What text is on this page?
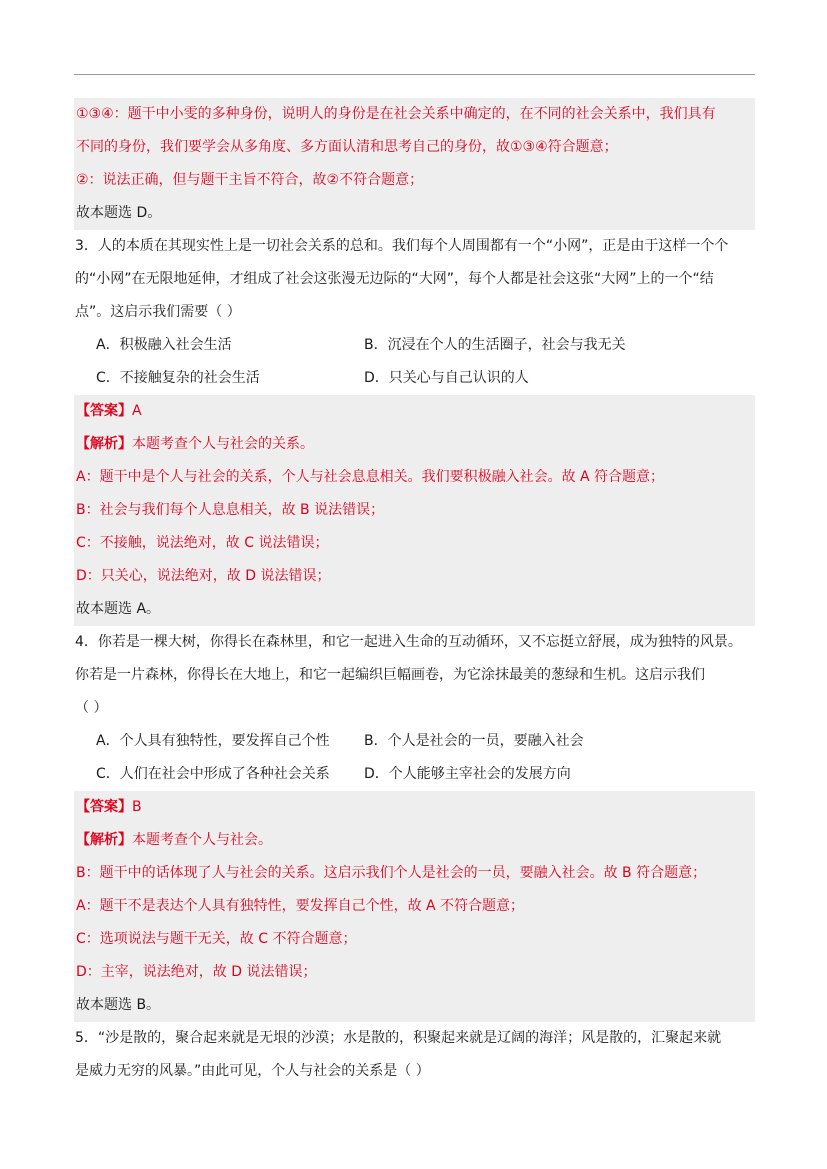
①③④：题干中小雯的多种身份，说明人的身份是在社会关系中确定的，在不同的社会关系中，我们具有
不同的身份，我们要学会从多角度、多方面认清和思考自己的身份，故①③④符合题意；
②：说法正确，但与题干主旨不符合，故②不符合题意；
故本题选 D。
3．人的本质在其现实性上是一切社会关系的总和。我们每个人周围都有一个“小网”，正是由于这样一个个
的“小网”在无限地延伸，才组成了社会这张漫无边际的“大网”，每个人都是社会这张“大网”上的一个“结
点”。这启示我们需要（ ）
A．积极融入社会生活	B．沉浸在个人的生活圈子，社会与我无关
C．不接触复杂的社会生活	D．只关心与自己认识的人
【答案】A
【解析】本题考查个人与社会的关系。
A：题干中是个人与社会的关系，个人与社会息息相关。我们要积极融入社会。故 A 符合题意；
B：社会与我们每个人息息相关，故 B 说法错误；
C：不接触，说法绝对，故 C 说法错误；
D：只关心，说法绝对，故 D 说法错误；
故本题选 A。
4．你若是一棵大树，你得长在森林里，和它一起进入生命的互动循环，又不忘挺立舒展，成为独特的风景。
你若是一片森林，你得长在大地上，和它一起编织巨幅画卷，为它涂抹最美的葱绿和生机。这启示我们
（ ）
A．个人具有独特性，要发挥自己个性 B．个人是社会的一员，要融入社会
C．人们在社会中形成了各种社会关系 D．个人能够主宰社会的发展方向
【答案】B
【解析】本题考查个人与社会。
B：题干中的话体现了人与社会的关系。这启示我们个人是社会的一员，要融入社会。故 B 符合题意；
A：题干不是表达个人具有独特性，要发挥自己个性，故 A 不符合题意；
C：选项说法与题干无关，故 C 不符合题意；
D：主宰，说法绝对，故 D 说法错误；
故本题选 B。
5．“沙是散的，聚合起来就是无垠的沙漠；水是散的，积聚起来就是辽阔的海洋；风是散的，汇聚起来就
是威力无穷的风暴。”由此可见，个人与社会的关系是（ ）
